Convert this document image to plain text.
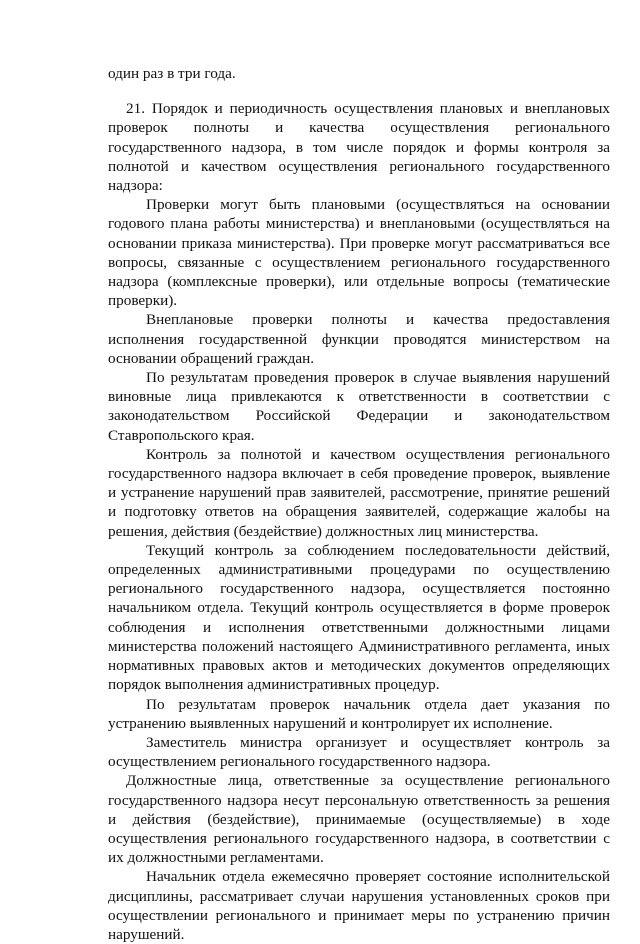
один раз в три года.

21. Порядок и периодичность осуществления плановых и внеплановых проверок полноты и качества осуществления регионального государственного надзора, в том числе порядок и формы контроля за полнотой и качеством осуществления регионального государственного надзора:

Проверки могут быть плановыми (осуществляться на основании годового плана работы министерства) и внеплановыми (осуществляться на основании приказа министерства). При проверке могут рассматриваться все вопросы, связанные с осуществлением регионального государственного надзора (комплексные проверки), или отдельные вопросы (тематические проверки).

Внеплановые проверки полноты и качества предоставления исполнения государственной функции проводятся министерством на основании обращений граждан.

По результатам проведения проверок в случае выявления нарушений виновные лица привлекаются к ответственности в соответствии с законодательством Российской Федерации и законодательством Ставропольского края.

Контроль за полнотой и качеством осуществления регионального государственного надзора включает в себя проведение проверок, выявление и устранение нарушений прав заявителей, рассмотрение, принятие решений и подготовку ответов на обращения заявителей, содержащие жалобы на решения, действия (бездействие) должностных лиц министерства.

Текущий контроль за соблюдением последовательности действий, определенных административными процедурами по осуществлению регионального государственного надзора, осуществляется постоянно начальником отдела. Текущий контроль осуществляется в форме проверок соблюдения и исполнения ответственными должностными лицами министерства положений настоящего Административного регламента, иных нормативных правовых актов и методических документов определяющих порядок выполнения административных процедур.

По результатам проверок начальник отдела дает указания по устранению выявленных нарушений и контролирует их исполнение.

Заместитель министра организует и осуществляет контроль за осуществлением регионального государственного надзора.

Должностные лица, ответственные за осуществление регионального государственного надзора несут персональную ответственность за решения и действия (бездействие), принимаемые (осуществляемые) в ходе осуществления регионального государственного надзора, в соответствии с их должностными регламентами.

Начальник отдела ежемесячно проверяет состояние исполнительской дисциплины, рассматривает случаи нарушения установленных сроков при осуществлении регионального и принимает меры по устранению причин нарушений.
